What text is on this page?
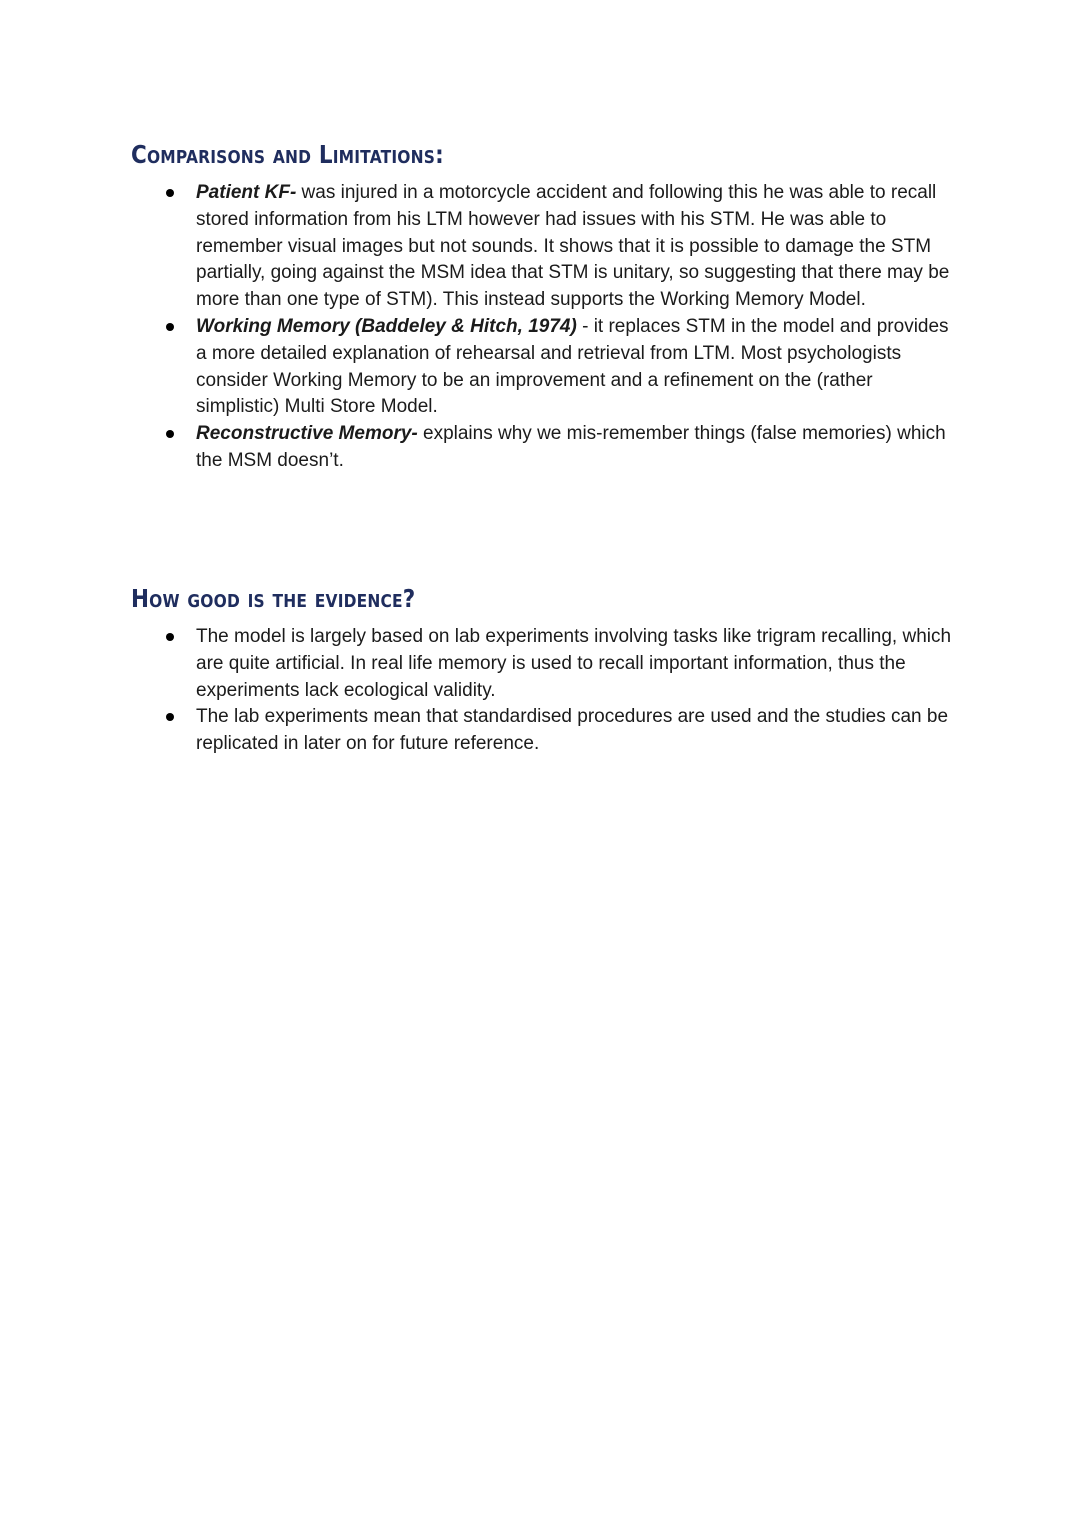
Comparisons and Limitations:
Patient KF- was injured in a motorcycle accident and following this he was able to recall stored information from his LTM however had issues with his STM. He was able to remember visual images but not sounds. It shows that it is possible to damage the STM partially, going against the MSM idea that STM is unitary, so suggesting that there may be more than one type of STM). This instead supports the Working Memory Model.
Working Memory (Baddeley & Hitch, 1974) - it replaces STM in the model and provides a more detailed explanation of rehearsal and retrieval from LTM. Most psychologists consider Working Memory to be an improvement and a refinement on the (rather simplistic) Multi Store Model.
Reconstructive Memory- explains why we mis-remember things (false memories) which the MSM doesn’t.
How good is the evidence?
The model is largely based on lab experiments involving tasks like trigram recalling, which are quite artificial. In real life memory is used to recall important information, thus the experiments lack ecological validity.
The lab experiments mean that standardised procedures are used and the studies can be replicated in later on for future reference.
